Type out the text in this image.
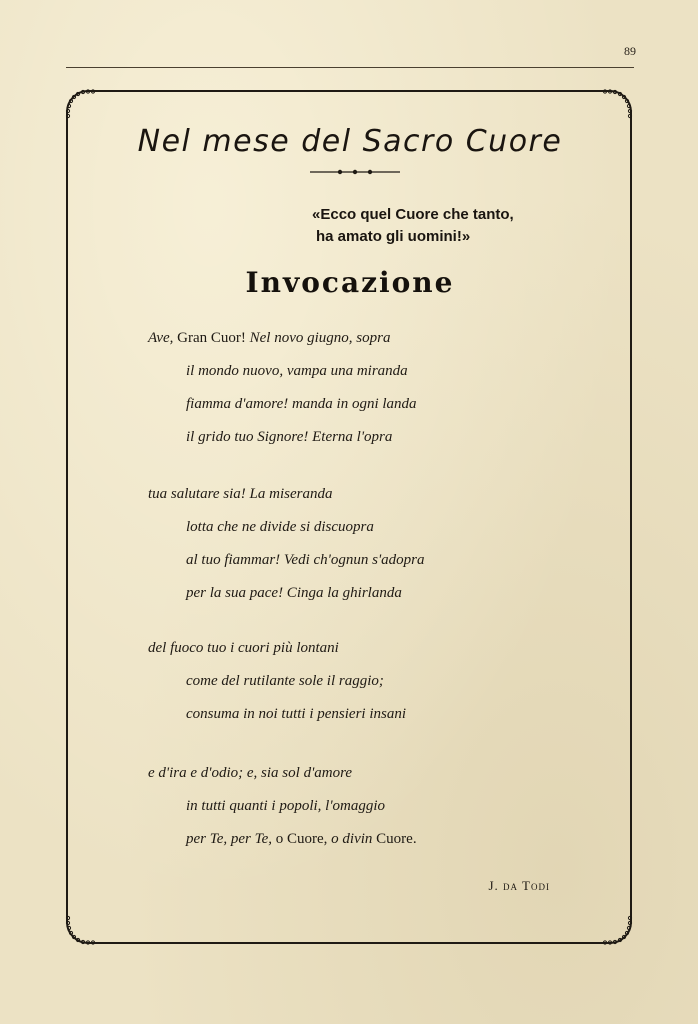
89
Nel mese del Sacro Cuore
«Ecco quel Cuore che tanto,
ha amato gli uomini!»
Invocazione
Ave, Gran Cuor! Nel novo giugno, sopra
il mondo nuovo, vampa una miranda
fiamma d'amore! manda in ogni landa
il grido tuo Signore! Eterna l'opra
tua salutare sia! La miseranda
lotta che ne divide si discuopra
al tuo fiammar! Vedi ch'ognun s'adopra
per la sua pace! Cinga la ghirlanda
del fuoco tuo i cuori più lontani
come del rutilante sole il raggio;
consuma in noi tutti i pensieri insani
e d'ira e d'odio; e, sia sol d'amore
in tutti quanti i popoli, l'omaggio
per Te, per Te, o Cuore, o divin Cuore.
J. da Todi
